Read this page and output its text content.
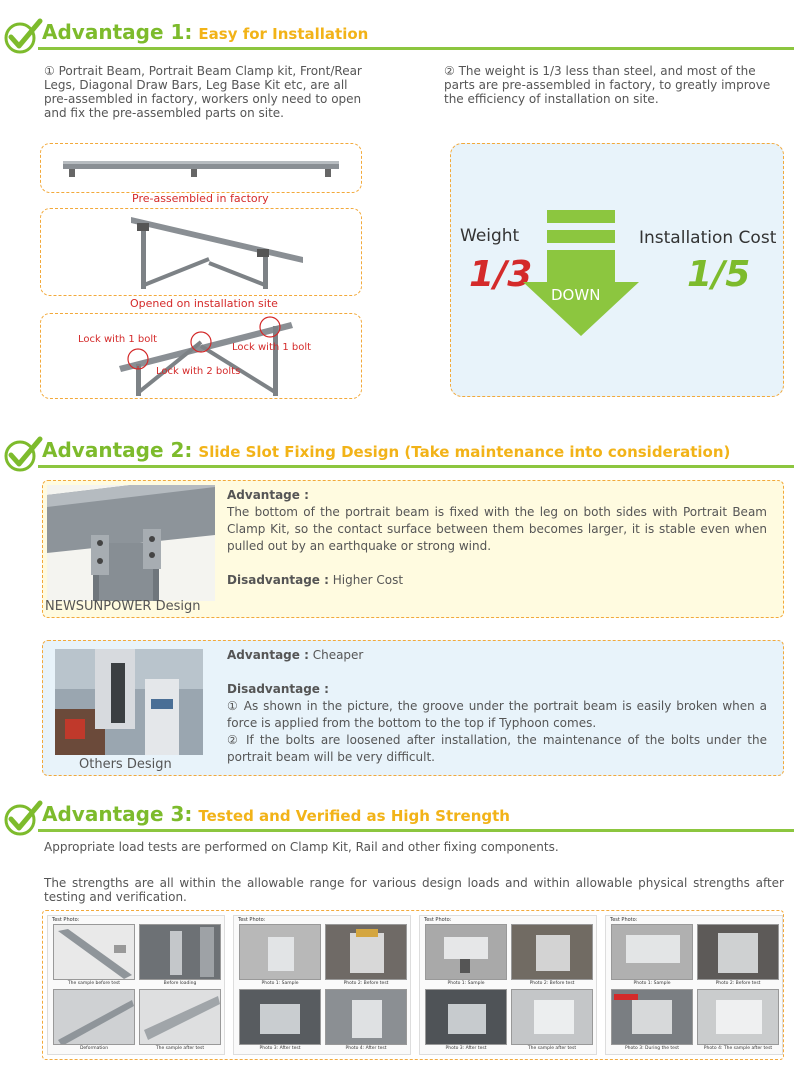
Advantage 1: Easy for Installation
① Portrait Beam, Portrait Beam Clamp kit, Front/Rear Legs, Diagonal Draw Bars, Leg Base Kit etc, are all pre-assembled in factory, workers only need to open and fix the pre-assembled parts on site.
② The weight is 1/3 less than steel, and most of the parts are pre-assembled in factory, to greatly improve the efficiency of installation on site.
Pre-assembled in factory
Opened on installation site
Lock with 1 bolt
Lock with 1 bolt
Lock with 2 bolts
Weight
1/3 DOWN
Installation Cost
1/5
Advantage 2: Slide Slot Fixing Design (Take maintenance into consideration)
NEWSUNPOWER Design
Advantage :
The bottom of the portrait beam is fixed with the leg on both sides with Portrait Beam Clamp Kit, so the contact surface between them becomes larger, it is stable even when pulled out by an earthquake or strong wind.

Disadvantage : Higher Cost
Others Design
Advantage : Cheaper

Disadvantage :
① As shown in the picture, the groove under the portrait beam is easily broken when a force is applied from the bottom to the top if Typhoon comes.
② If the bolts are loosened after installation, the maintenance of the bolts under the portrait beam will be very difficult.
Advantage 3: Tested and Verified as High Strength
Appropriate load tests are performed on Clamp Kit, Rail and other fixing components.
The strengths are all within the allowable range for various design loads and within allowable physical strengths after testing and verification.
Test Photo:
The sample before test	Before loading
Deformation	The sample after test
Test Photo:
Photo 1: Sample	Photo 2: Before test
Photo 3: After test	Photo 4: After test
Test Photo:
Photo 1: Sample	Photo 2: Before test
Photo 3: After test	The sample after test
Test Photo:
Photo 1: Sample	Photo 2: Before test
Photo 3: During the test	Photo 4: The sample after test
